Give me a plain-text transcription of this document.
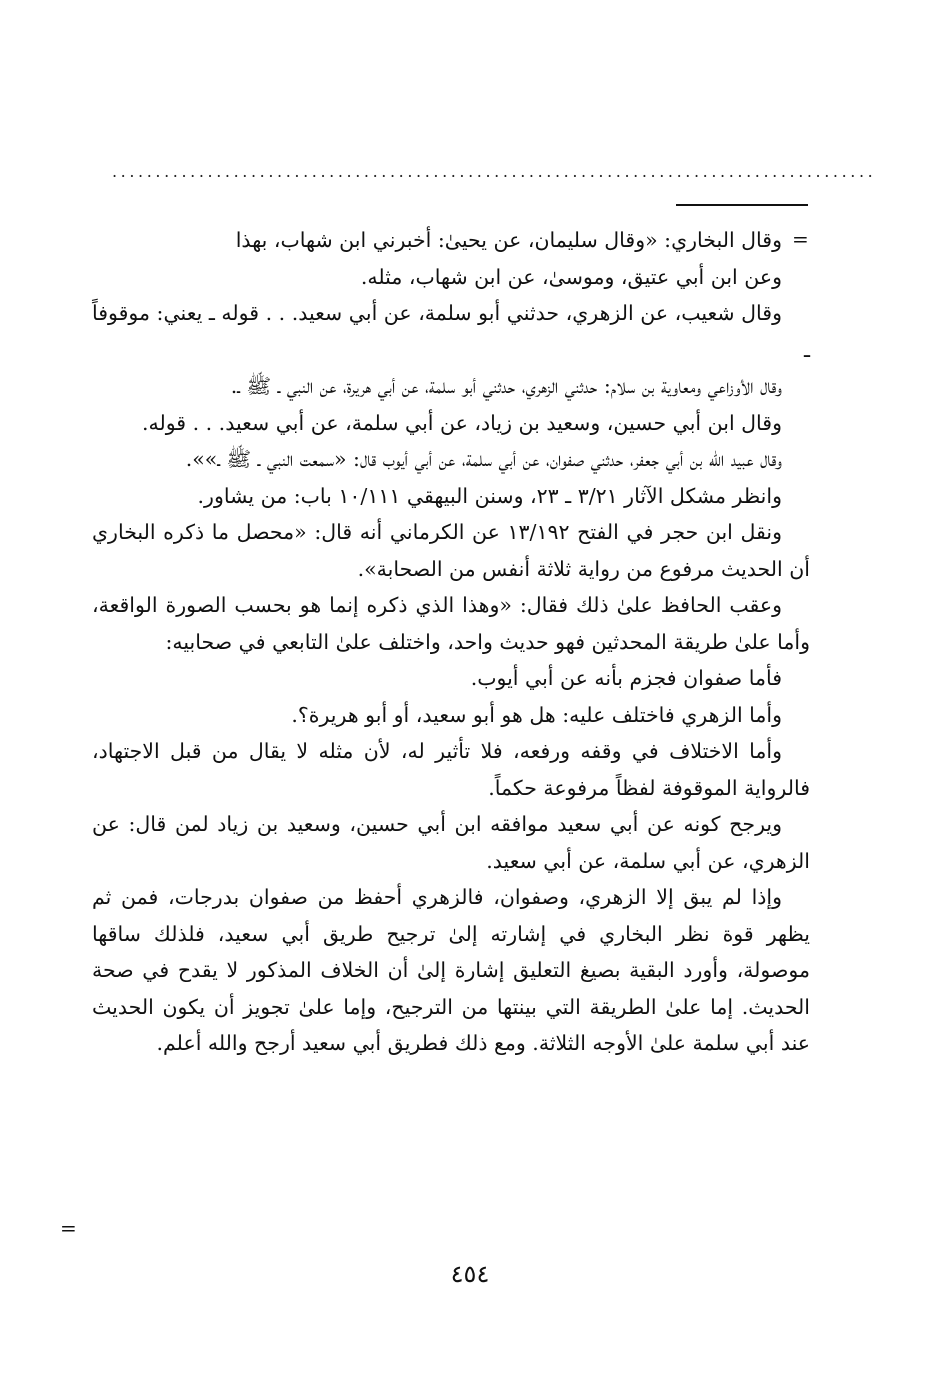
........................................................................................
=

وقال البخاري: «وقال سليمان، عن يحيىٰ: أخبرني ابن شهاب، بهذا

وعن ابن أبي عتيق، وموسىٰ، عن ابن شهاب، مثله.

وقال شعيب، عن الزهري، حدثني أبو سلمة، عن أبي سعيد. . . قوله ـ يعني: موقوفاً ـ

وقال الأوزاعي ومعاوية بن سلام: حدثني الزهري، حدثني أبو سلمة، عن أبي هريرة، عن النبي ـ ﷺ ـ.

وقال ابن أبي حسين، وسعيد بن زياد، عن أبي سلمة، عن أبي سعيد. . . قوله.

وقال عبيد الله بن أبي جعفر، حدثني صفوان، عن أبي سلمة، عن أبي أيوب قال: «سمعت النبي ـ ﷺ ـ»».

وانظر مشكل الآثار ٣/٢١ ـ ٢٣، وسنن البيهقي ١٠/١١١ باب: من يشاور.

ونقل ابن حجر في الفتح ١٣/١٩٢ عن الكرماني أنه قال: «محصل ما ذكره البخاري أن الحديث مرفوع من رواية ثلاثة أنفس من الصحابة».

وعقب الحافظ علىٰ ذلك فقال: «وهذا الذي ذكره إنما هو بحسب الصورة الواقعة، وأما علىٰ طريقة المحدثين فهو حديث واحد، واختلف علىٰ التابعي في صحابيه:

فأما صفوان فجزم بأنه عن أبي أيوب.

وأما الزهري فاختلف عليه: هل هو أبو سعيد، أو أبو هريرة؟.

وأما الاختلاف في وقفه ورفعه، فلا تأثير له، لأن مثله لا يقال من قبل الاجتهاد، فالرواية الموقوفة لفظاً مرفوعة حكماً.

ويرجح كونه عن أبي سعيد موافقه ابن أبي حسين، وسعيد بن زياد لمن قال: عن الزهري، عن أبي سلمة، عن أبي سعيد.

وإذا لم يبق إلا الزهري، وصفوان، فالزهري أحفظ من صفوان بدرجات، فمن ثم يظهر قوة نظر البخاري في إشارته إلىٰ ترجيح طريق أبي سعيد، فلذلك ساقها موصولة، وأورد البقية بصيغ التعليق إشارة إلىٰ أن الخلاف المذكور لا يقدح في صحة الحديث. إما علىٰ الطريقة التي بينتها من الترجيح، وإما علىٰ تجويز أن يكون الحديث عند أبي سلمة علىٰ الأوجه الثلاثة. ومع ذلك فطريق أبي سعيد أرجح والله أعلم.

=
٤٥٤
